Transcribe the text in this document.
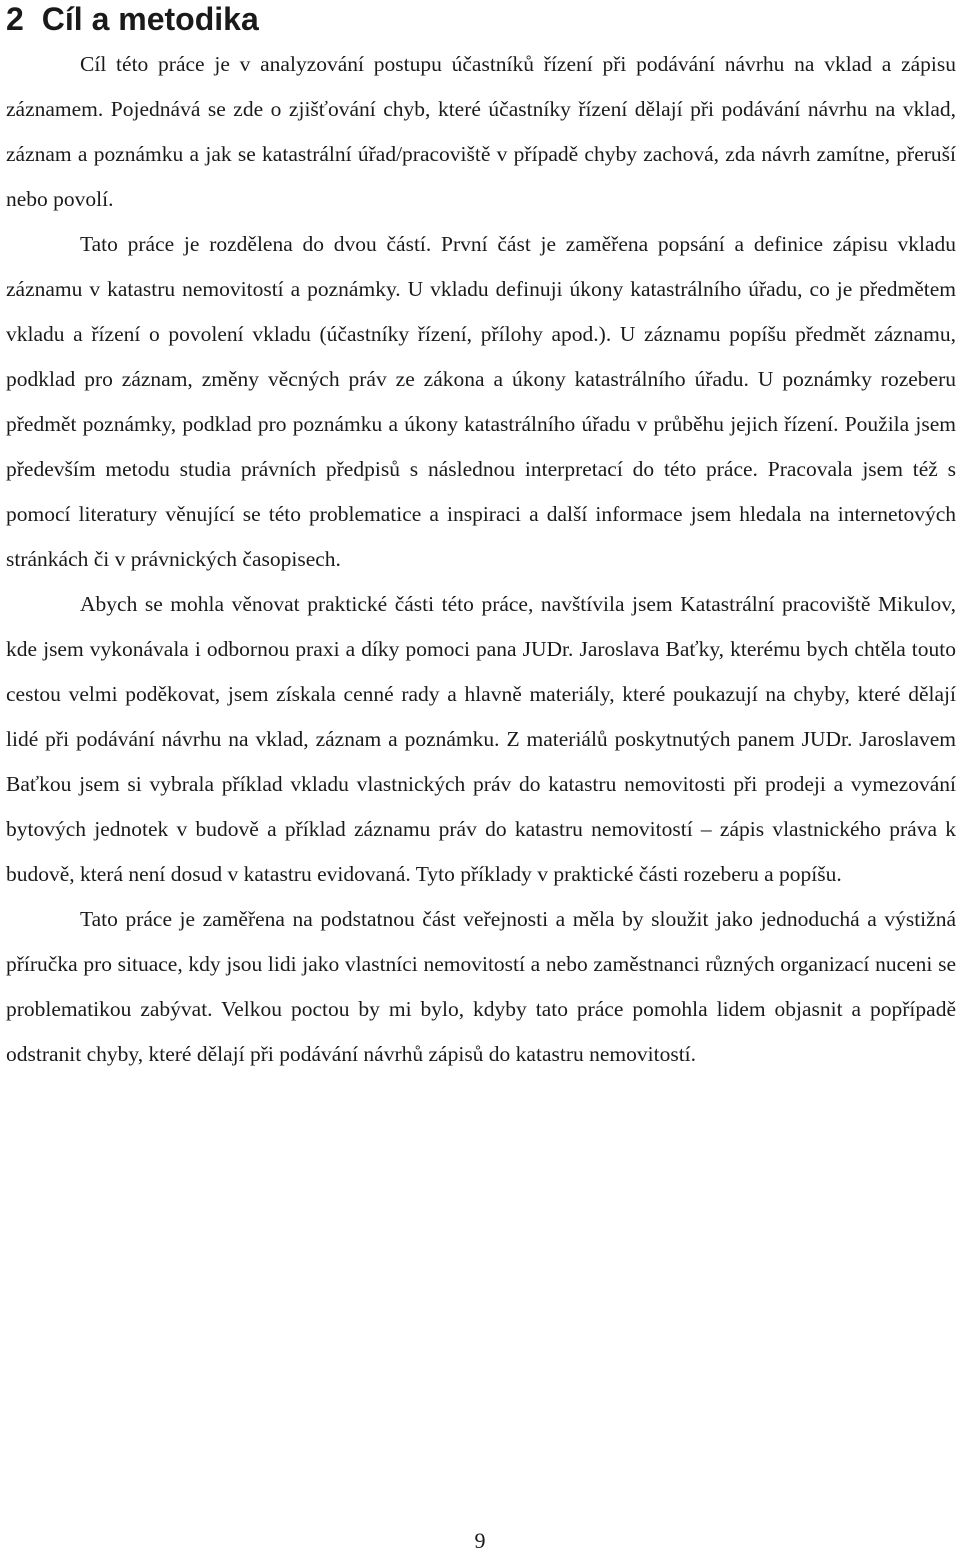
2 Cíl a metodika

Cíl této práce je v analyzování postupu účastníků řízení při podávání návrhu na vklad a zápisu záznamem. Pojednává se zde o zjišťování chyb, které účastníky řízení dělají při podávání návrhu na vklad, záznam a poznámku a jak se katastrální úřad/pracoviště v případě chyby zachová, zda návrh zamítne, přeruší nebo povolí.

Tato práce je rozdělena do dvou částí. První část je zaměřena popsání a definice zápisu vkladu záznamu v katastru nemovitostí a poznámky. U vkladu definuji úkony katastrálního úřadu, co je předmětem vkladu a řízení o povolení vkladu (účastníky řízení, přílohy apod.). U záznamu popíšu předmět záznamu, podklad pro záznam, změny věcných práv ze zákona a úkony katastrálního úřadu. U poznámky rozeberu předmět poznámky, podklad pro poznámku a úkony katastrálního úřadu v průběhu jejich řízení. Použila jsem především metodu studia právních předpisů s následnou interpretací do této práce. Pracovala jsem též s pomocí literatury věnující se této problematice a inspiraci a další informace jsem hledala na internetových stránkách či v právnických časopisech.

Abych se mohla věnovat praktické části této práce, navštívila jsem Katastrální pracoviště Mikulov, kde jsem vykonávala i odbornou praxi a díky pomoci pana JUDr. Jaroslava Baťky, kterému bych chtěla touto cestou velmi poděkovat, jsem získala cenné rady a hlavně materiály, které poukazují na chyby, které dělají lidé při podávání návrhu na vklad, záznam a poznámku. Z materiálů poskytnutých panem JUDr. Jaroslavem Baťkou jsem si vybrala příklad vkladu vlastnických práv do katastru nemovitosti při prodeji a vymezování bytových jednotek v budově a příklad záznamu práv do katastru nemovitostí – zápis vlastnického práva k budově, která není dosud v katastru evidovaná. Tyto příklady v praktické části rozeberu a popíšu.

Tato práce je zaměřena na podstatnou část veřejnosti a měla by sloužit jako jednoduchá a výstižná příručka pro situace, kdy jsou lidi jako vlastníci nemovitostí a nebo zaměstnanci různých organizací nuceni se problematikou zabývat. Velkou poctou by mi bylo, kdyby tato práce pomohla lidem objasnit a popřípadě odstranit chyby, které dělají při podávání návrhů zápisů do katastru nemovitostí.

9
